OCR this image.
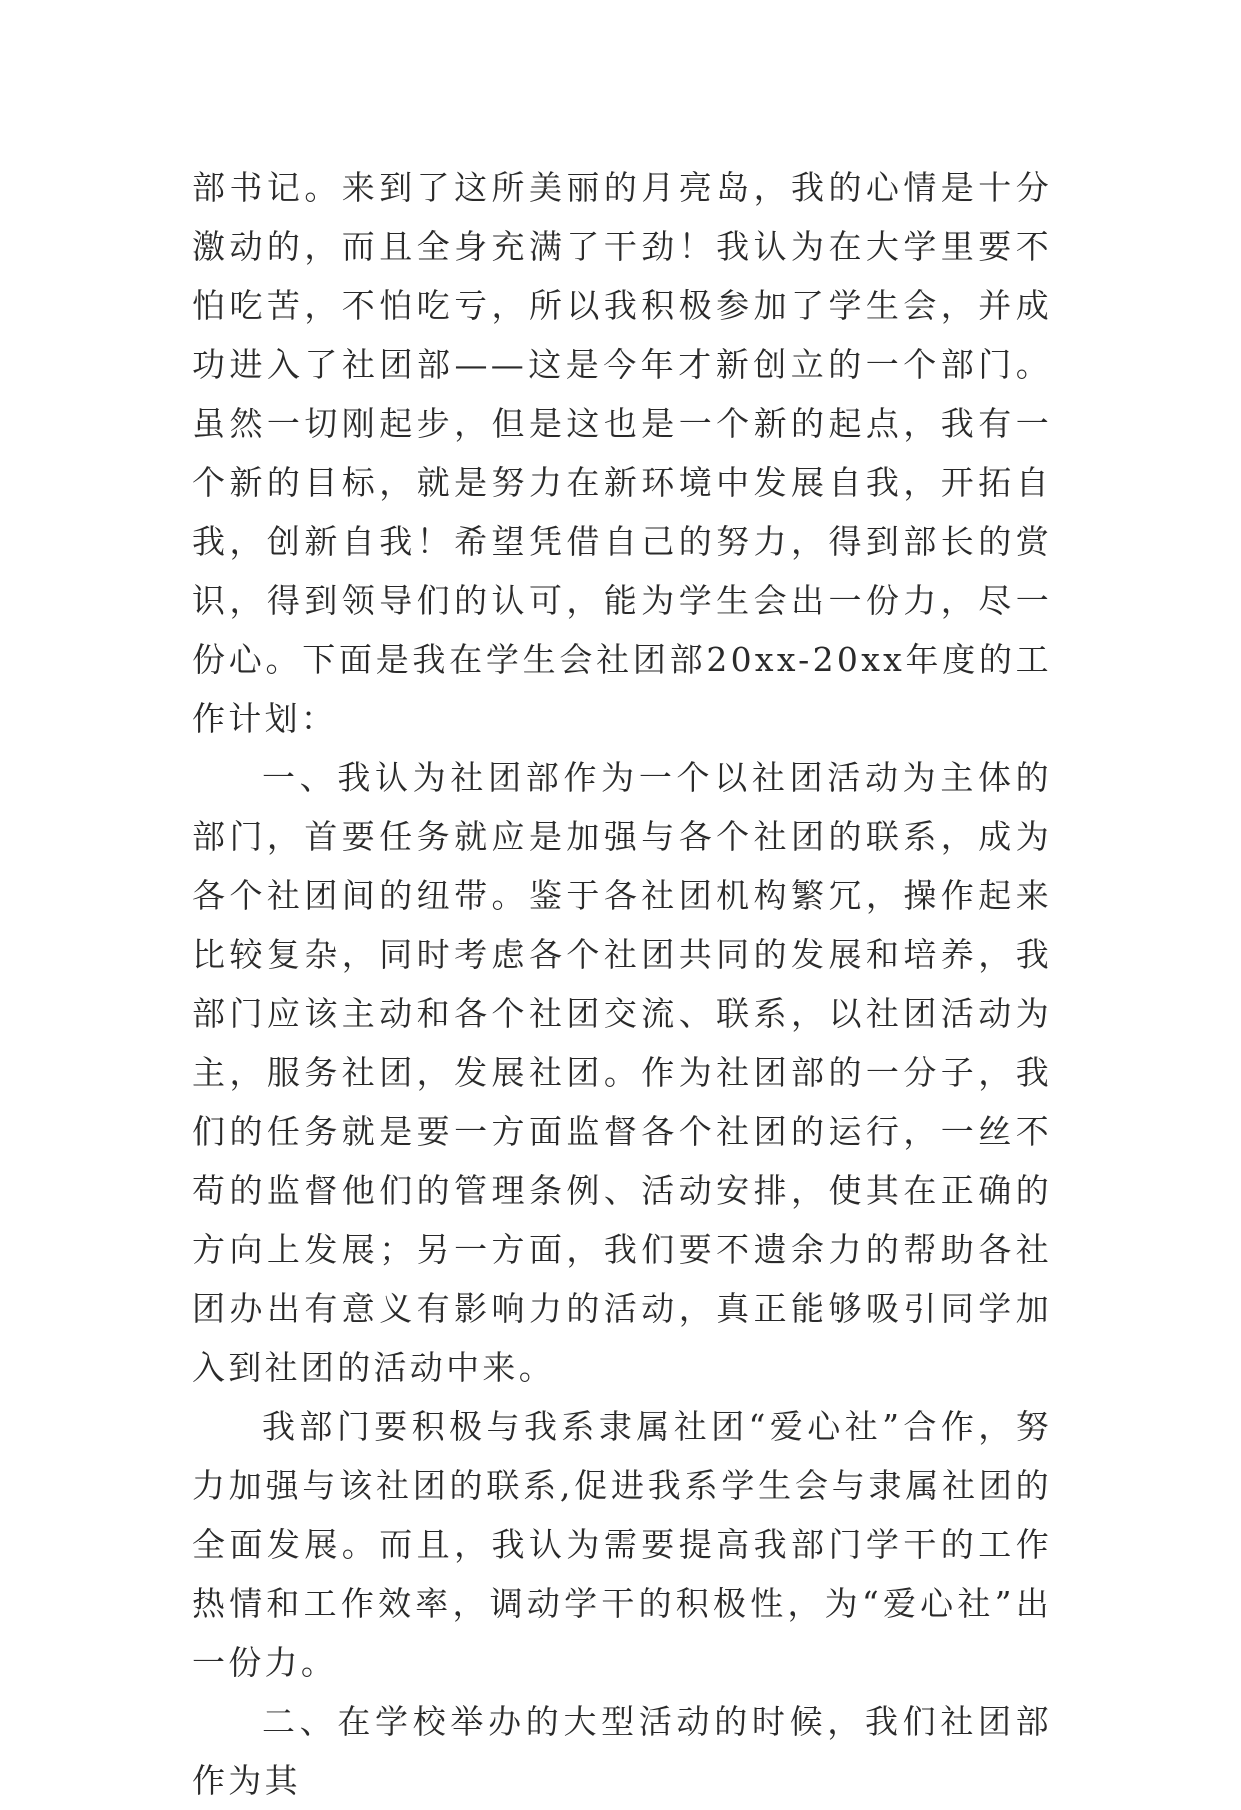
部书记。来到了这所美丽的月亮岛，我的心情是十分激动的，而且全身充满了干劲！我认为在大学里要不怕吃苦，不怕吃亏，所以我积极参加了学生会，并成功进入了社团部——这是今年才新创立的一个部门。虽然一切刚起步，但是这也是一个新的起点，我有一个新的目标，就是努力在新环境中发展自我，开拓自我，创新自我！希望凭借自己的努力，得到部长的赏识，得到领导们的认可，能为学生会出一份力，尽一份心。下面是我在学生会社团部20xx-20xx年度的工作计划：

一、我认为社团部作为一个以社团活动为主体的部门，首要任务就应是加强与各个社团的联系，成为各个社团间的纽带。鉴于各社团机构繁冗，操作起来比较复杂，同时考虑各个社团共同的发展和培养，我部门应该主动和各个社团交流、联系，以社团活动为主，服务社团，发展社团。作为社团部的一分子，我们的任务就是要一方面监督各个社团的运行，一丝不苟的监督他们的管理条例、活动安排，使其在正确的方向上发展；另一方面，我们要不遗余力的帮助各社团办出有意义有影响力的活动，真正能够吸引同学加入到社团的活动中来。

我部门要积极与我系隶属社团“爱心社”合作，努力加强与该社团的联系,促进我系学生会与隶属社团的全面发展。而且，我认为需要提高我部门学干的工作热情和工作效率，调动学干的积极性，为“爱心社”出一份力。

二、在学校举办的大型活动的时候，我们社团部作为其
